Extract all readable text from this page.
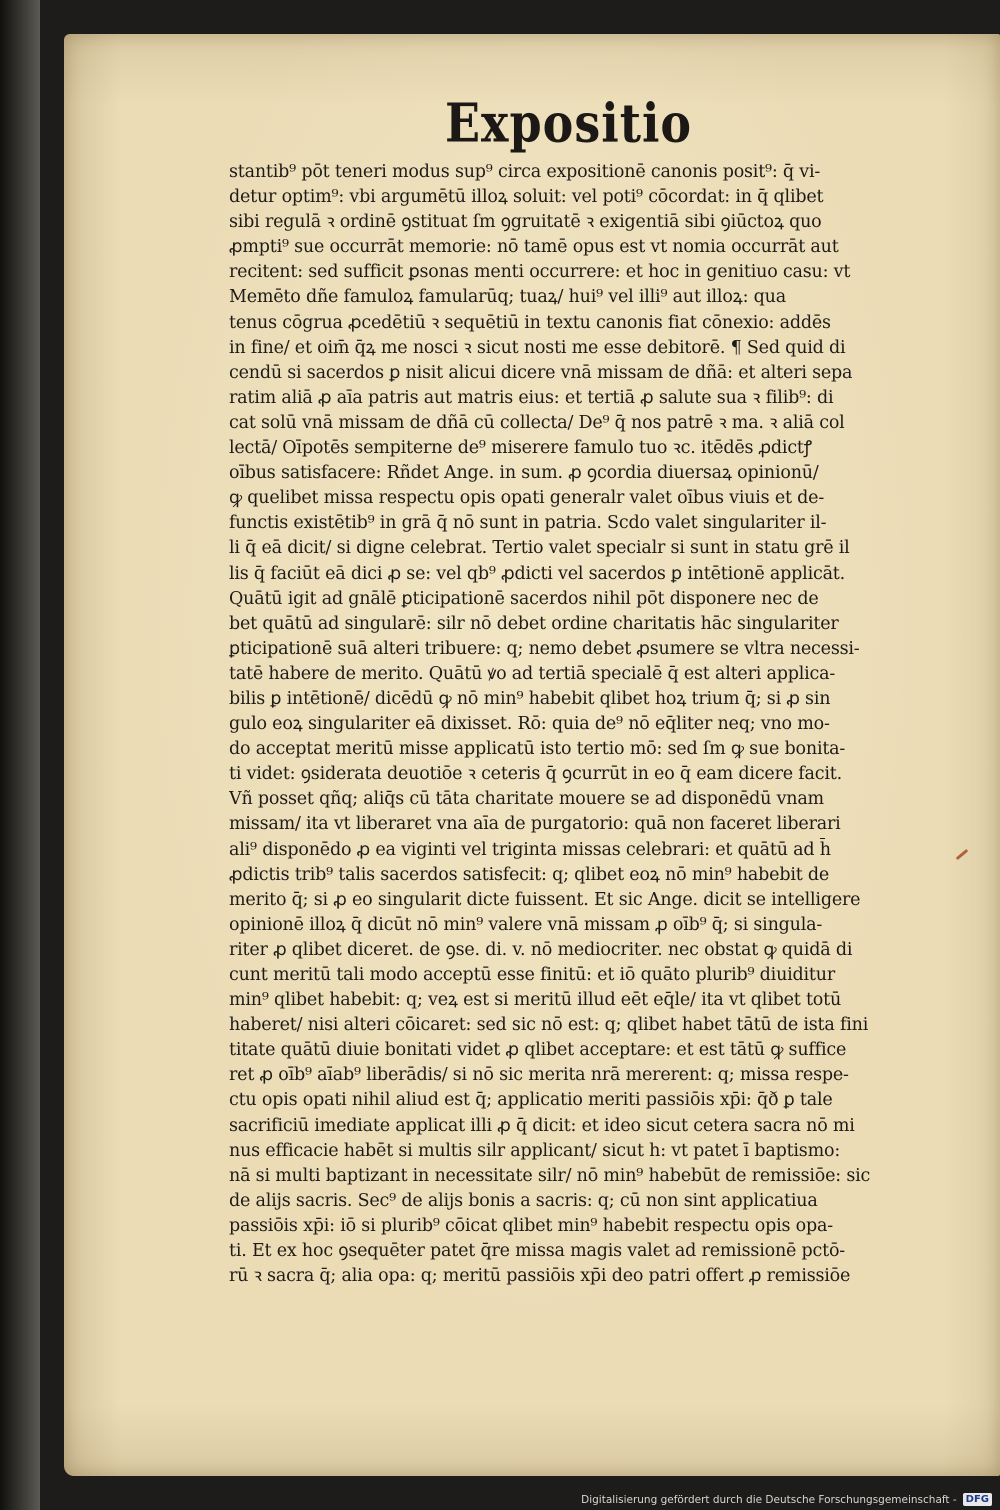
Expositio
stantib⁹ pōt teneri modus sup⁹ circa expositionē canonis posit⁹: q̄ vi-
detur optim⁹: vbi argumētū illoꝝ soluit: vel poti⁹ cōcordat: in q̄ qlibet
sibi regulā ꝛ ordinē ꝯstituat ſm ꝯgruitatē ꝛ exigentiā sibi ꝯiūctoꝝ quo
ꝓmpti⁹ sue occurrāt memorie: nō tamē opus est vt nomia occurrāt aut
recitent: sed sufficit ꝑsonas menti occurrere: et hoc in genitiuo casu: vt
Memēto dñe famuloꝝ famularūq; tuaꝝ/ hui⁹ vel illi⁹ aut illoꝝ: qua
tenus cōgrua ꝓcedētiū ꝛ sequētiū in textu canonis fiat cōnexio: addēs
in fine/ et oim̄ q̄ꝝ me nosci ꝛ sicut nosti me esse debitorē. ¶ Sed quid di
cendū si sacerdos ꝑ nisit alicui dicere vnā missam de dñā: et alteri sepa
ratim aliā ꝓ aīa patris aut matris eius: et tertiā ꝓ salute sua ꝛ filib⁹: di
cat solū vnā missam de dñā cū collecta/ De⁹ q̄ nos patrē ꝛ ma. ꝛ aliā col
lectā/ Oīpotēs sempiterne de⁹ miserere famulo tuo ꝛc. itēdēs ꝓdictꝭ
oībus satisfacere: Rñdet Ange. in sum. ꝓ ꝯcordia diuersaꝝ opinionū/
ꝙ quelibet missa respectu opis opati generalr valet oībus viuis et de-
functis existētib⁹ in grā q̄ nō sunt in patria. Scdo valet singulariter il-
li q̄ eā dicit/ si digne celebrat. Tertio valet specialr si sunt in statu grē il
lis q̄ faciūt eā dici ꝓ se: vel qb⁹ ꝓdicti vel sacerdos ꝑ intētionē applicāt.
Quātū igit ad gnālē ꝑticipationē sacerdos nihil pōt disponere nec de
bet quātū ad singularē: silr nō debet ordine charitatis hāc singulariter
ꝑticipationē suā alteri tribuere: q; nemo debet ꝓsumere se vltra necessi-
tatē habere de merito. Quātū ꝟo ad tertiā specialē q̄ est alteri applica-
bilis ꝑ intētionē/ dicēdū ꝙ nō min⁹ habebit qlibet hoꝝ trium q̄; si ꝓ sin
gulo eoꝝ singulariter eā dixisset. Rō: quia de⁹ nō eq̄liter neq; vno mo-
do acceptat meritū misse applicatū isto tertio mō: sed ſm ꝙ sue bonita-
ti videt: ꝯsiderata deuotiōe ꝛ ceteris q̄ ꝯcurrūt in eo q̄ eam dicere facit.
Vñ posset qñq; aliq̄s cū tāta charitate mouere se ad disponēdū vnam
missam/ ita vt liberaret vna aīa de purgatorio: quā non faceret liberari
ali⁹ disponēdo ꝓ ea viginti vel triginta missas celebrari: et quātū ad h̄
ꝓdictis trib⁹ talis sacerdos satisfecit: q; qlibet eoꝝ nō min⁹ habebit de
merito q̄; si ꝓ eo singularit dicte fuissent. Et sic Ange. dicit se intelligere
opinionē illoꝝ q̄ dicūt nō min⁹ valere vnā missam ꝓ oīb⁹ q̄; si singula-
riter ꝓ qlibet diceret. de ꝯse. di. v. nō mediocriter. nec obstat ꝙ quidā di
cunt meritū tali modo acceptū esse finitū: et iō quāto plurib⁹ diuiditur
min⁹ qlibet habebit: q; veꝝ est si meritū illud eēt eq̄le/ ita vt qlibet totū
haberet/ nisi alteri cōicaret: sed sic nō est: q; qlibet habet tātū de ista fini
titate quātū diuie bonitati videt ꝓ qlibet acceptare: et est tātū ꝙ suffice
ret ꝓ oīb⁹ aīab⁹ liberādis/ si nō sic merita nrā mererent: q; missa respe-
ctu opis opati nihil aliud est q̄; applicatio meriti passiōis xp̄i: q̄ð ꝑ tale
sacrificiū imediate applicat illi ꝓ q̄ dicit: et ideo sicut cetera sacra nō mi
nus efficacie habēt si multis silr applicant/ sicut h: vt patet ī baptismo:
nā si multi baptizant in necessitate silr/ nō min⁹ habebūt de remissiōe: sic
de alijs sacris. Sec⁹ de alijs bonis a sacris: q; cū non sint applicatiua
passiōis xp̄i: iō si plurib⁹ cōicat qlibet min⁹ habebit respectu opis opa-
ti. Et ex hoc ꝯsequēter patet q̄re missa magis valet ad remissionē pctō-
rū ꝛ sacra q̄; alia opa: q; meritū passiōis xp̄i deo patri offert ꝓ remissiōe
Digitalisierung gefördert durch die Deutsche Forschungsgemeinschaft - DFG
